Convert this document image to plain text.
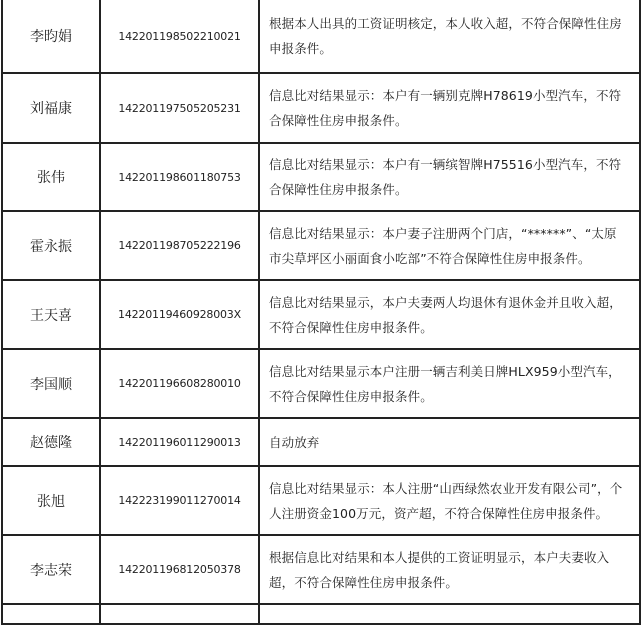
李昀娟	142201198502210021	根据本人出具的工资证明核定，本人收入超，不符合保障性住房申报条件。
刘福康	142201197505205231	信息比对结果显示：本户有一辆别克牌H78619小型汽车，不符合保障性住房申报条件。
张伟	142201198601180753	信息比对结果显示：本户有一辆缤智牌H75516小型汽车，不符合保障性住房申报条件。
霍永振	142201198705222196	信息比对结果显示：本户妻子注册两个门店，“******”、“太原市尖草坪区小丽面食小吃部”不符合保障性住房申报条件。
王天喜	14220119460928003X	信息比对结果显示，本户夫妻两人均退休有退休金并且收入超，不符合保障性住房申报条件。
李国顺	142201196608280010	信息比对结果显示本户注册一辆吉利美日牌HLX959小型汽车，不符合保障性住房申报条件。
赵德隆	142201196011290013	自动放弃
张旭	142223199011270014	信息比对结果显示：本人注册“山西绿然农业开发有限公司”，个人注册资金100万元，资产超，不符合保障性住房申报条件。
李志荣	142201196812050378	根据信息比对结果和本人提供的工资证明显示，本户夫妻收入超，不符合保障性住房申报条件。
